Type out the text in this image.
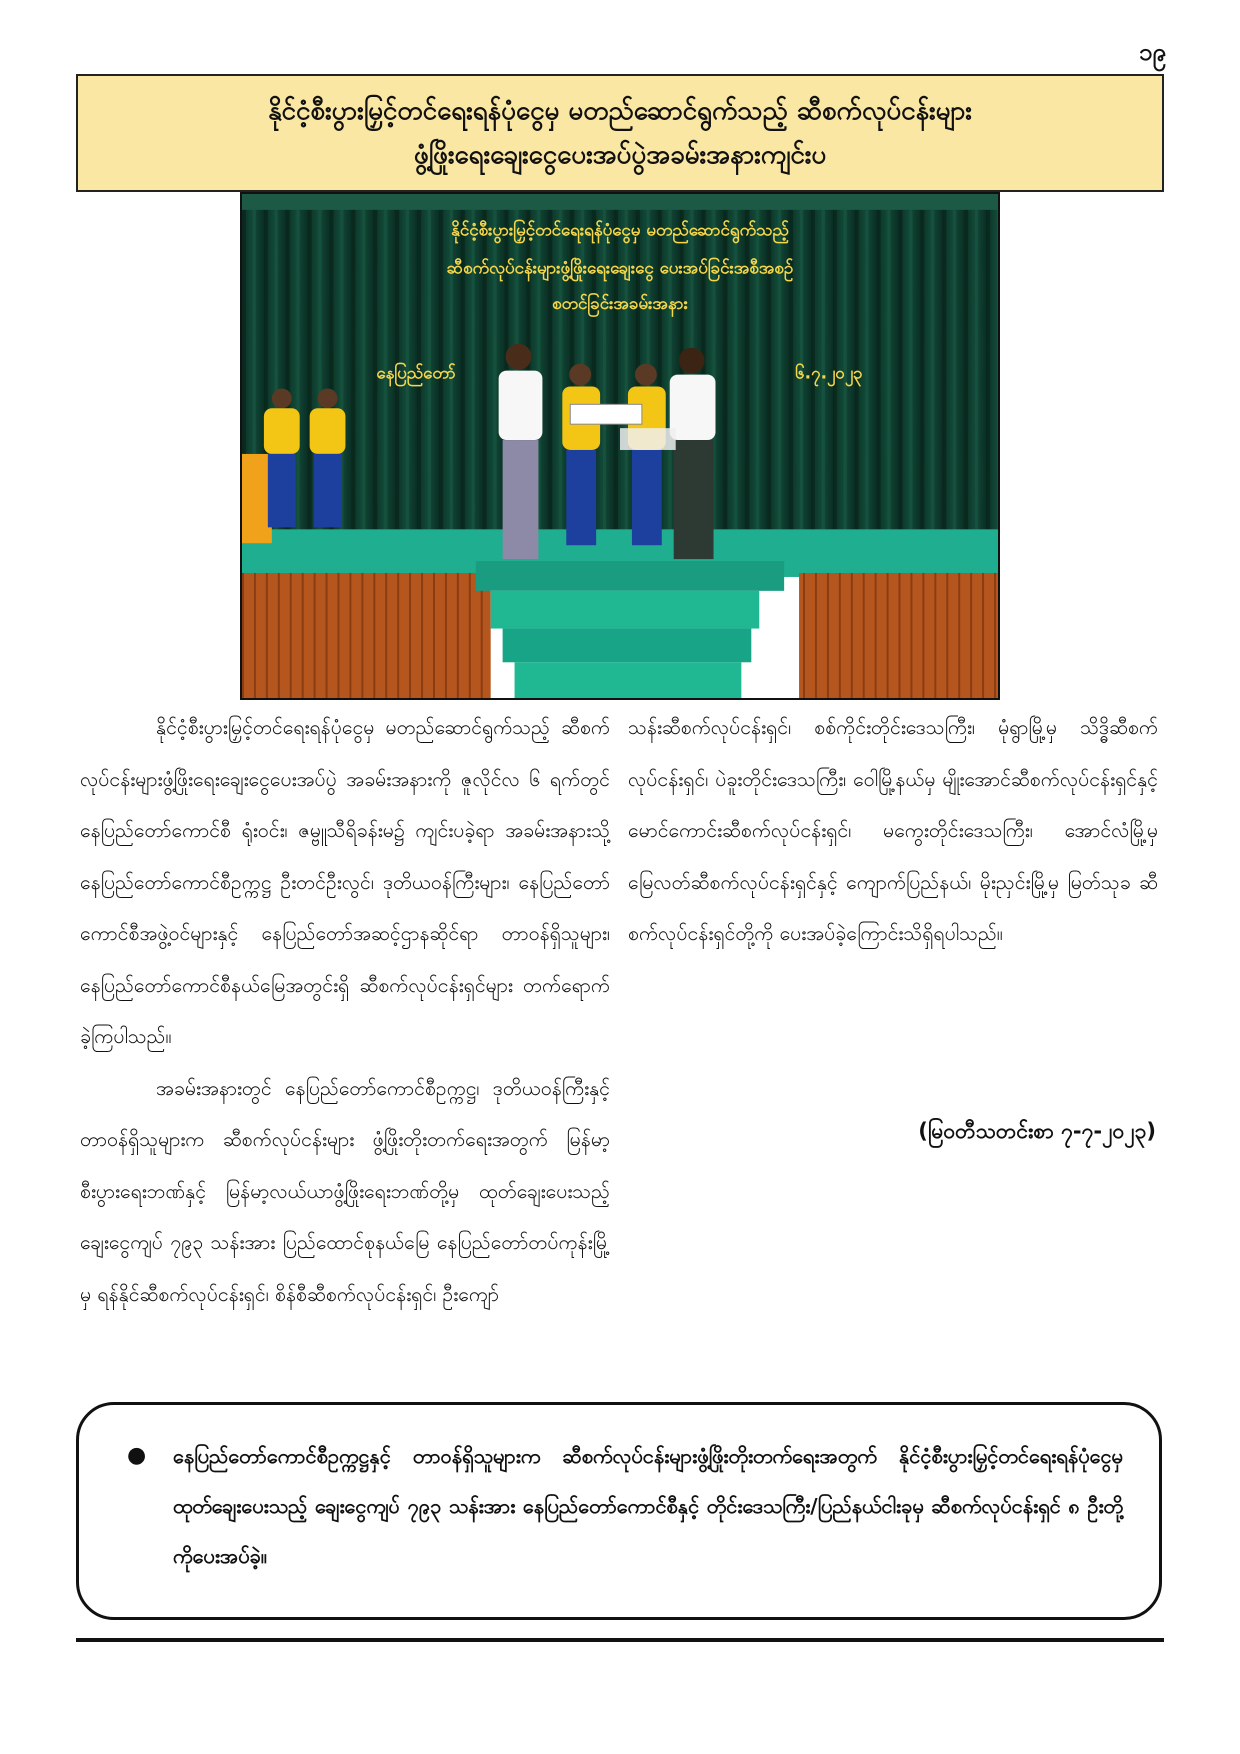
၁၉
နိုင်ငံ့စီးပွားမြှင့်တင်ရေးရန်ပုံငွေမှ မတည်ဆောင်ရွက်သည့် ဆီစက်လုပ်ငန်းများ
ဖွံ့ဖြိုးရေးချေးငွေပေးအပ်ပွဲအခမ်းအနားကျင်းပ
နိုင်ငံ့စီးပွားမြှင့်တင်ရေးရန်ပုံငွေမှ မတည်ဆောင်ရွက်သည့်
ဆီစက်လုပ်ငန်းများဖွံ့ဖြိုးရေးချေးငွေ ပေးအပ်ခြင်းအစီအစဉ်
စတင်ခြင်းအခမ်းအနား
နေပြည်တော်	၆.၇.၂၀၂၃

နိုင်ငံ့စီးပွားမြှင့်တင်ရေးရန်ပုံငွေမှ မတည်ဆောင်ရွက်သည့် ဆီစက်လုပ်ငန်းများဖွံ့ဖြိုးရေးချေးငွေပေးအပ်ပွဲ အခမ်းအနားကို ဇူလိုင်လ ၆ ရက်တွင် နေပြည်တော်ကောင်စီ ရုံးဝင်း၊ ဇမ္ဗူသီရိခန်းမ၌ ကျင်းပခဲ့ရာ အခမ်းအနားသို့ နေပြည်တော်ကောင်စီဥက္ကဋ္ဌ ဦးတင်ဦးလွင်၊ ဒုတိယဝန်ကြီးများ၊ နေပြည်တော်ကောင်စီအဖွဲ့ဝင်များနှင့် နေပြည်တော်အဆင့်ဌာနဆိုင်ရာ တာဝန်ရှိသူများ၊ နေပြည်တော်ကောင်စီနယ်မြေအတွင်းရှိ ဆီစက်လုပ်ငန်းရှင်များ တက်ရောက်ခဲ့ကြပါသည်။

အခမ်းအနားတွင် နေပြည်တော်ကောင်စီဥက္ကဋ္ဌ၊ ဒုတိယဝန်ကြီးနှင့် တာဝန်ရှိသူများက ဆီစက်လုပ်ငန်းများ ဖွံ့ဖြိုးတိုးတက်ရေးအတွက် မြန်မာ့စီးပွားရေးဘဏ်နှင့် မြန်မာ့လယ်ယာဖွံ့ဖြိုးရေးဘဏ်တို့မှ ထုတ်ချေးပေးသည့် ချေးငွေကျပ် ၇၉၃ သန်းအား ပြည်ထောင်စုနယ်မြေ နေပြည်တော်တပ်ကုန်းမြို့မှ ရန်နိုင်ဆီစက်လုပ်ငန်းရှင်၊ စိန်စီဆီစက်လုပ်ငန်းရှင်၊ ဦးကျော်

သန်းဆီစက်လုပ်ငန်းရှင်၊ စစ်ကိုင်းတိုင်းဒေသကြီး၊ မုံရွာမြို့မှ သိဒ္ဓိဆီစက်လုပ်ငန်းရှင်၊ ပဲခူးတိုင်းဒေသကြီး၊ ဝေါမြို့နယ်မှ မျိုးအောင်ဆီစက်လုပ်ငန်းရှင်နှင့် မောင်ကောင်းဆီစက်လုပ်ငန်းရှင်၊ မကွေးတိုင်းဒေသကြီး၊ အောင်လံမြို့မှ မြေလတ်ဆီစက်လုပ်ငန်းရှင်နှင့် ကျောက်ပြည်နယ်၊ မိုးညှင်းမြို့မှ မြတ်သုခ ဆီစက်လုပ်ငန်းရှင်တို့ကို ပေးအပ်ခဲ့ကြောင်းသိရှိရပါသည်။

(မြဝတီသတင်းစာ ၇-၇-၂၀၂၃)
●	နေပြည်တော်ကောင်စီဥက္ကဋ္ဌနှင့် တာဝန်ရှိသူများက ဆီစက်လုပ်ငန်းများဖွံ့ဖြိုးတိုးတက်ရေးအတွက် နိုင်ငံ့စီးပွားမြှင့်တင်ရေးရန်ပုံငွေမှ ထုတ်ချေးပေးသည့် ချေးငွေကျပ် ၇၉၃ သန်းအား နေပြည်တော်ကောင်စီနှင့် တိုင်းဒေသကြီး/ပြည်နယ်ငါးခုမှ ဆီစက်လုပ်ငန်းရှင် ၈ ဦးတို့ကိုပေးအပ်ခဲ့။
